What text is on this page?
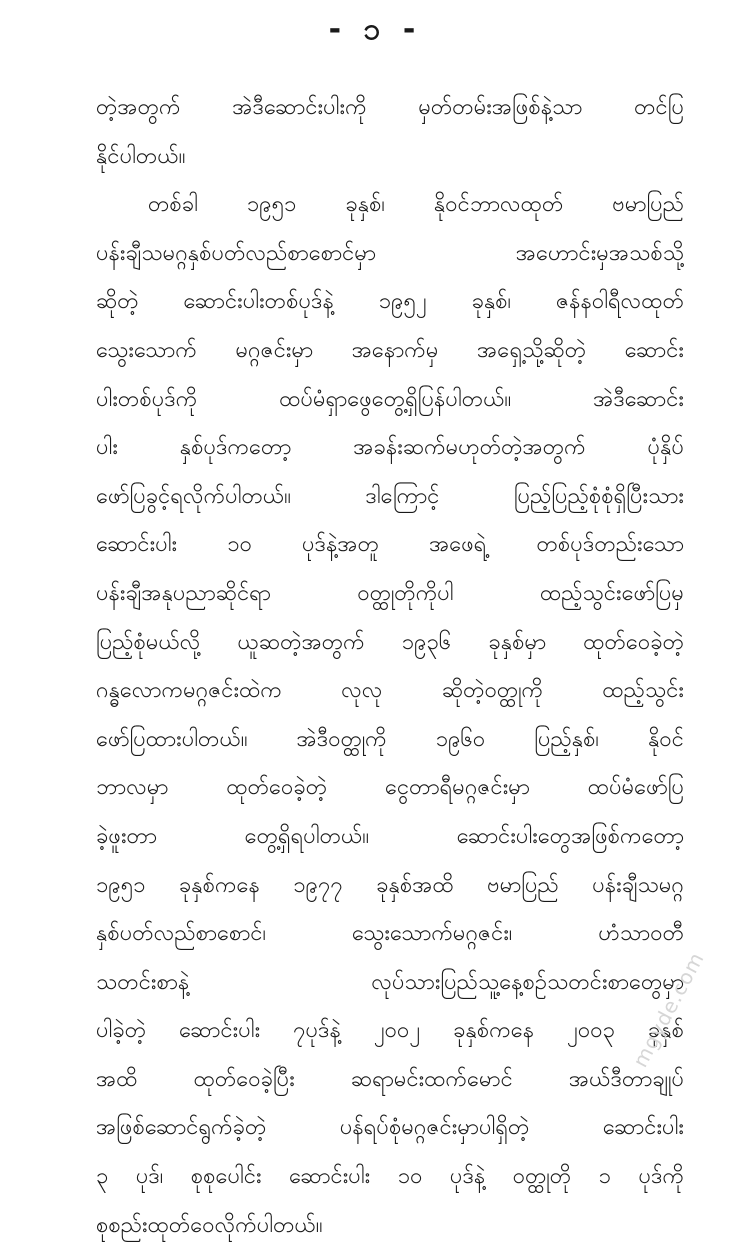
- ၁ -
တဲ့အတွက် အဲဒီဆောင်းပါးကို မှတ်တမ်းအဖြစ်နဲ့သာ တင်ပြ
နိုင်ပါတယ်။
တစ်ခါ ၁၉၅၁ ခုနှစ်၊ နိုဝင်ဘာလထုတ် ဗမာပြည်
ပန်းချီသမဂ္ဂနှစ်ပတ်လည်စာစောင်မှာ အဟောင်းမှအသစ်သို့
ဆိုတဲ့ ဆောင်းပါးတစ်ပုဒ်နဲ့ ၁၉၅၂ ခုနှစ်၊ ဇန်နဝါရီလထုတ်
သွေးသောက် မဂ္ဂဇင်းမှာ အနောက်မှ အရှေ့သို့ဆိုတဲ့ ဆောင်း
ပါးတစ်ပုဒ်ကို ထပ်မံရှာဖွေတွေ့ရှိပြန်ပါတယ်။ အဲဒီဆောင်း
ပါး နှစ်ပုဒ်ကတော့ အခန်းဆက်မဟုတ်တဲ့အတွက် ပုံနှိပ်
ဖော်ပြခွင့်ရလိုက်ပါတယ်။ ဒါကြောင့် ပြည့်ပြည့်စုံစုံရှိပြီးသား
ဆောင်းပါး ၁၀ ပုဒ်နဲ့အတူ အဖေရဲ့ တစ်ပုဒ်တည်းသော
ပန်းချီအနုပညာဆိုင်ရာ ဝတ္ထုတိုကိုပါ ထည့်သွင်းဖော်ပြမှ
ပြည့်စုံမယ်လို့ ယူဆတဲ့အတွက် ၁၉၃၆ ခုနှစ်မှာ ထုတ်ဝေခဲ့တဲ့
ဂန္ဓလောကမဂ္ဂဇင်းထဲက လုလု ဆိုတဲ့ဝတ္ထုကို ထည့်သွင်း
ဖော်ပြထားပါတယ်။ အဲဒီဝတ္ထုကို ၁၉၆၀ ပြည့်နှစ်၊ နိုဝင်
ဘာလမှာ ထုတ်ဝေခဲ့တဲ့ ငွေတာရီမဂ္ဂဇင်းမှာ ထပ်မံဖော်ပြ
ခဲ့ဖူးတာ တွေ့ရှိရပါတယ်။ ဆောင်းပါးတွေအဖြစ်ကတော့
၁၉၅၁ ခုနှစ်ကနေ ၁၉၇၇ ခုနှစ်အထိ ဗမာပြည် ပန်းချီသမဂ္ဂ
နှစ်ပတ်လည်စာစောင်၊ သွေးသောက်မဂ္ဂဇင်း၊ ဟံသာဝတီ
သတင်းစာနဲ့ လုပ်သားပြည်သူ့နေ့စဉ်သတင်းစာတွေမှာ
ပါခဲ့တဲ့ ဆောင်းပါး ၇ပုဒ်နဲ့ ၂၀၀၂ ခုနှစ်ကနေ ၂၀၀၃ ခုနှစ်
အထိ ထုတ်ဝေခဲ့ပြီး ဆရာမင်းထက်မောင် အယ်ဒီတာချုပ်
အဖြစ်ဆောင်ရွက်ခဲ့တဲ့ ပန်ရပ်စုံမဂ္ဂဇင်းမှာပါရှိတဲ့ ဆောင်းပါး
၃ ပုဒ်၊ စုစုပေါင်း ဆောင်းပါး ၁၀ ပုဒ်နဲ့ ဝတ္ထုတို ၁ ပုဒ်ကို
စုစည်းထုတ်ဝေလိုက်ပါတယ်။
mgyde.com
